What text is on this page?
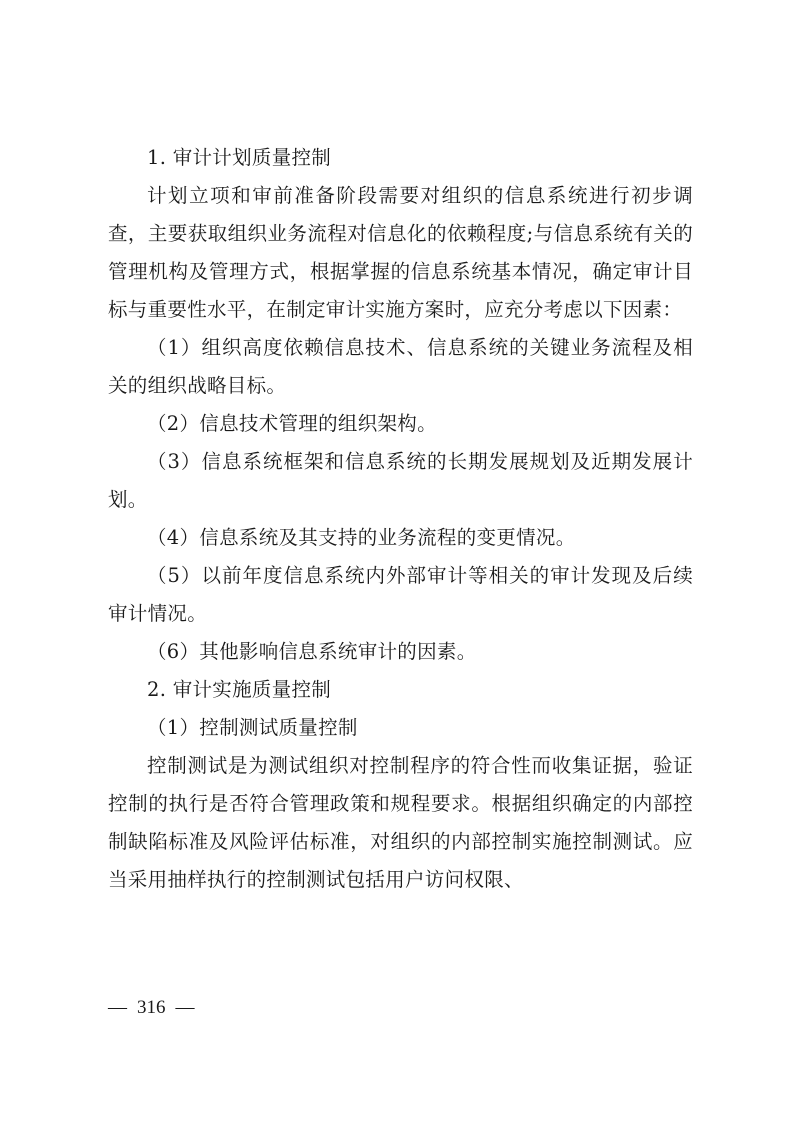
1. 审计计划质量控制

计划立项和审前准备阶段需要对组织的信息系统进行初步调查，主要获取组织业务流程对信息化的依赖程度;与信息系统有关的管理机构及管理方式，根据掌握的信息系统基本情况，确定审计目标与重要性水平，在制定审计实施方案时，应充分考虑以下因素：

（1）组织高度依赖信息技术、信息系统的关键业务流程及相关的组织战略目标。

（2）信息技术管理的组织架构。

（3）信息系统框架和信息系统的长期发展规划及近期发展计划。

（4）信息系统及其支持的业务流程的变更情况。

（5）以前年度信息系统内外部审计等相关的审计发现及后续审计情况。

（6）其他影响信息系统审计的因素。

2. 审计实施质量控制

（1）控制测试质量控制

控制测试是为测试组织对控制程序的符合性而收集证据，验证控制的执行是否符合管理政策和规程要求。根据组织确定的内部控制缺陷标准及风险评估标准，对组织的内部控制实施控制测试。应当采用抽样执行的控制测试包括用户访问权限、

— 316 —
